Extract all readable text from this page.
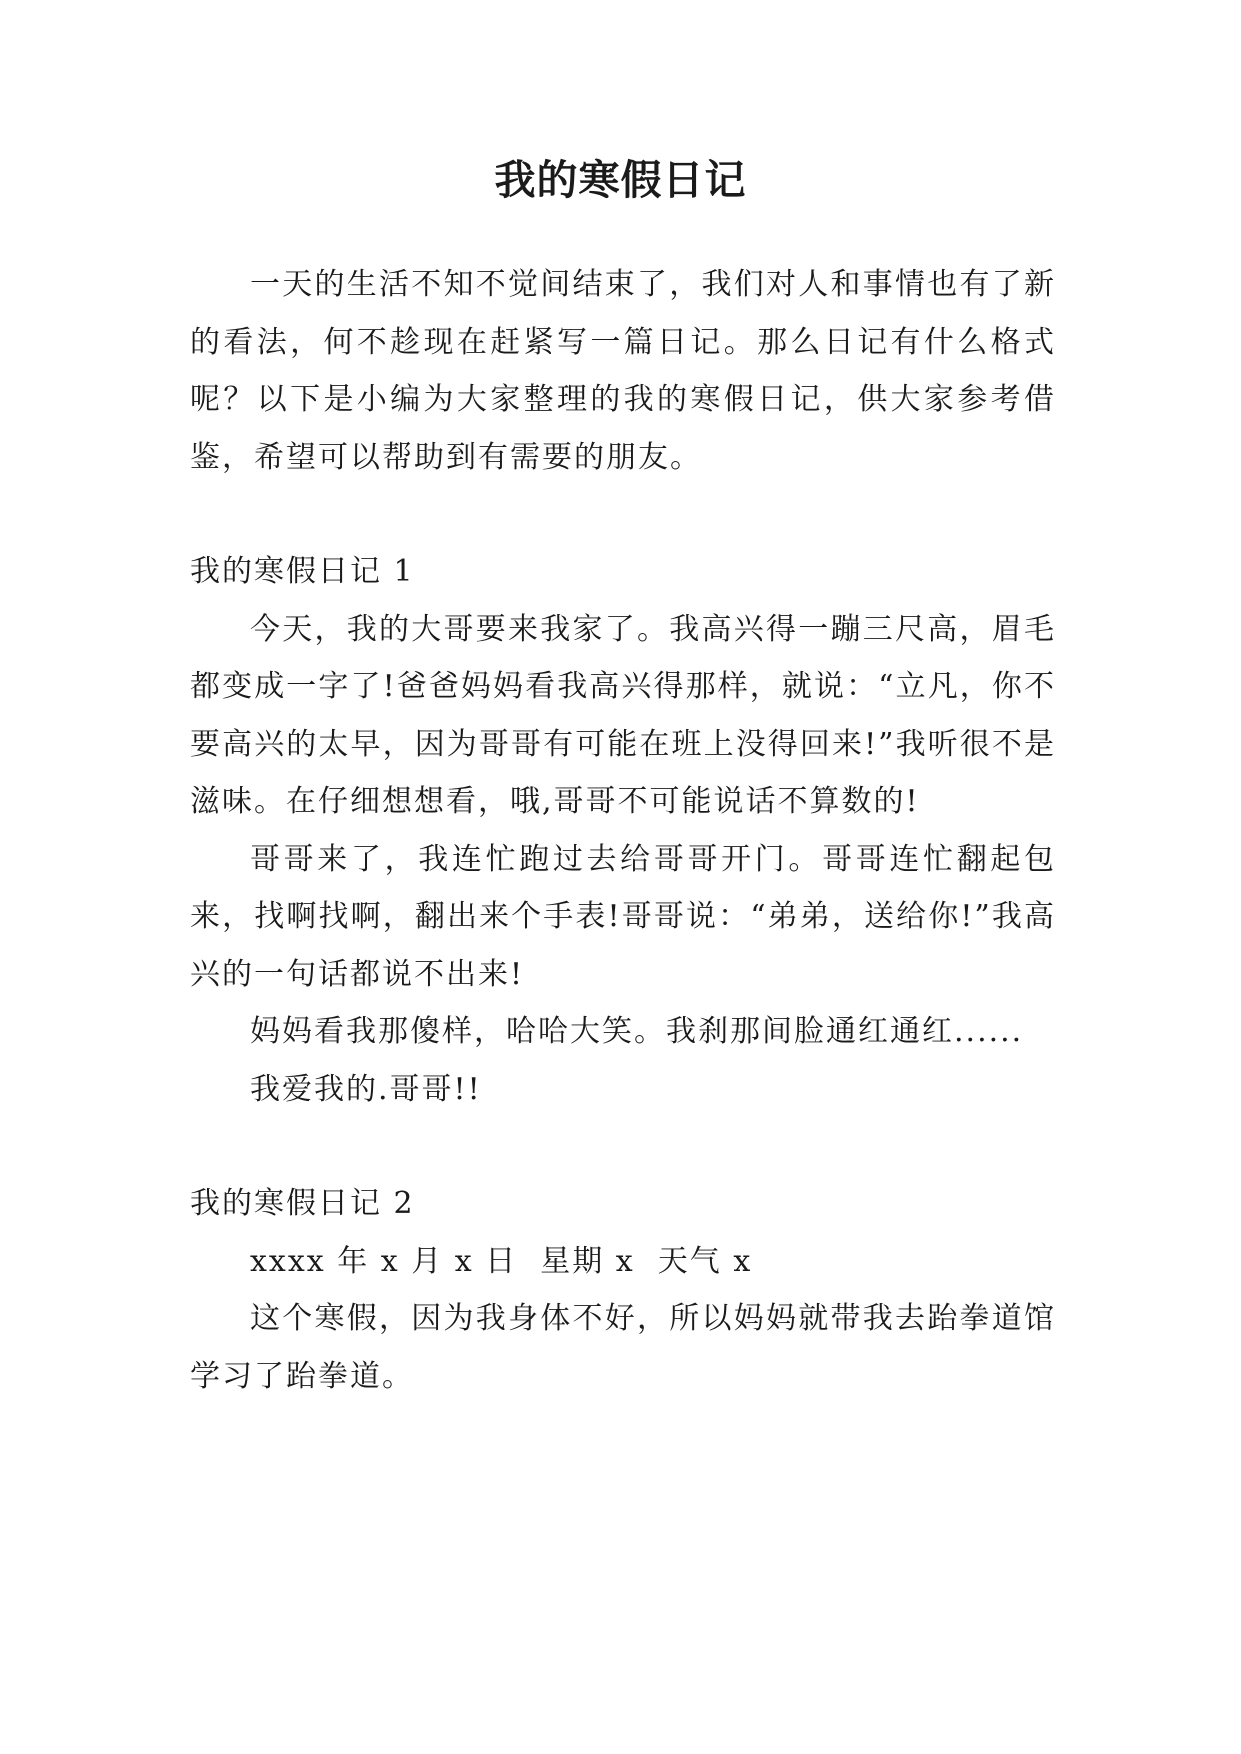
我的寒假日记

一天的生活不知不觉间结束了，我们对人和事情也有了新的看法，何不趁现在赶紧写一篇日记。那么日记有什么格式呢？以下是小编为大家整理的我的寒假日记，供大家参考借鉴，希望可以帮助到有需要的朋友。

我的寒假日记 1

今天，我的大哥要来我家了。我高兴得一蹦三尺高，眉毛都变成一字了!爸爸妈妈看我高兴得那样，就说：“立凡，你不要高兴的太早，因为哥哥有可能在班上没得回来!”我听很不是滋味。在仔细想想看，哦,哥哥不可能说话不算数的!

哥哥来了，我连忙跑过去给哥哥开门。哥哥连忙翻起包来，找啊找啊，翻出来个手表!哥哥说：“弟弟，送给你!”我高兴的一句话都说不出来!

妈妈看我那傻样，哈哈大笑。我刹那间脸通红通红......

我爱我的.哥哥!!

我的寒假日记 2

xxxx 年 x 月 x 日  星期 x  天气 x

这个寒假，因为我身体不好，所以妈妈就带我去跆拳道馆学习了跆拳道。
